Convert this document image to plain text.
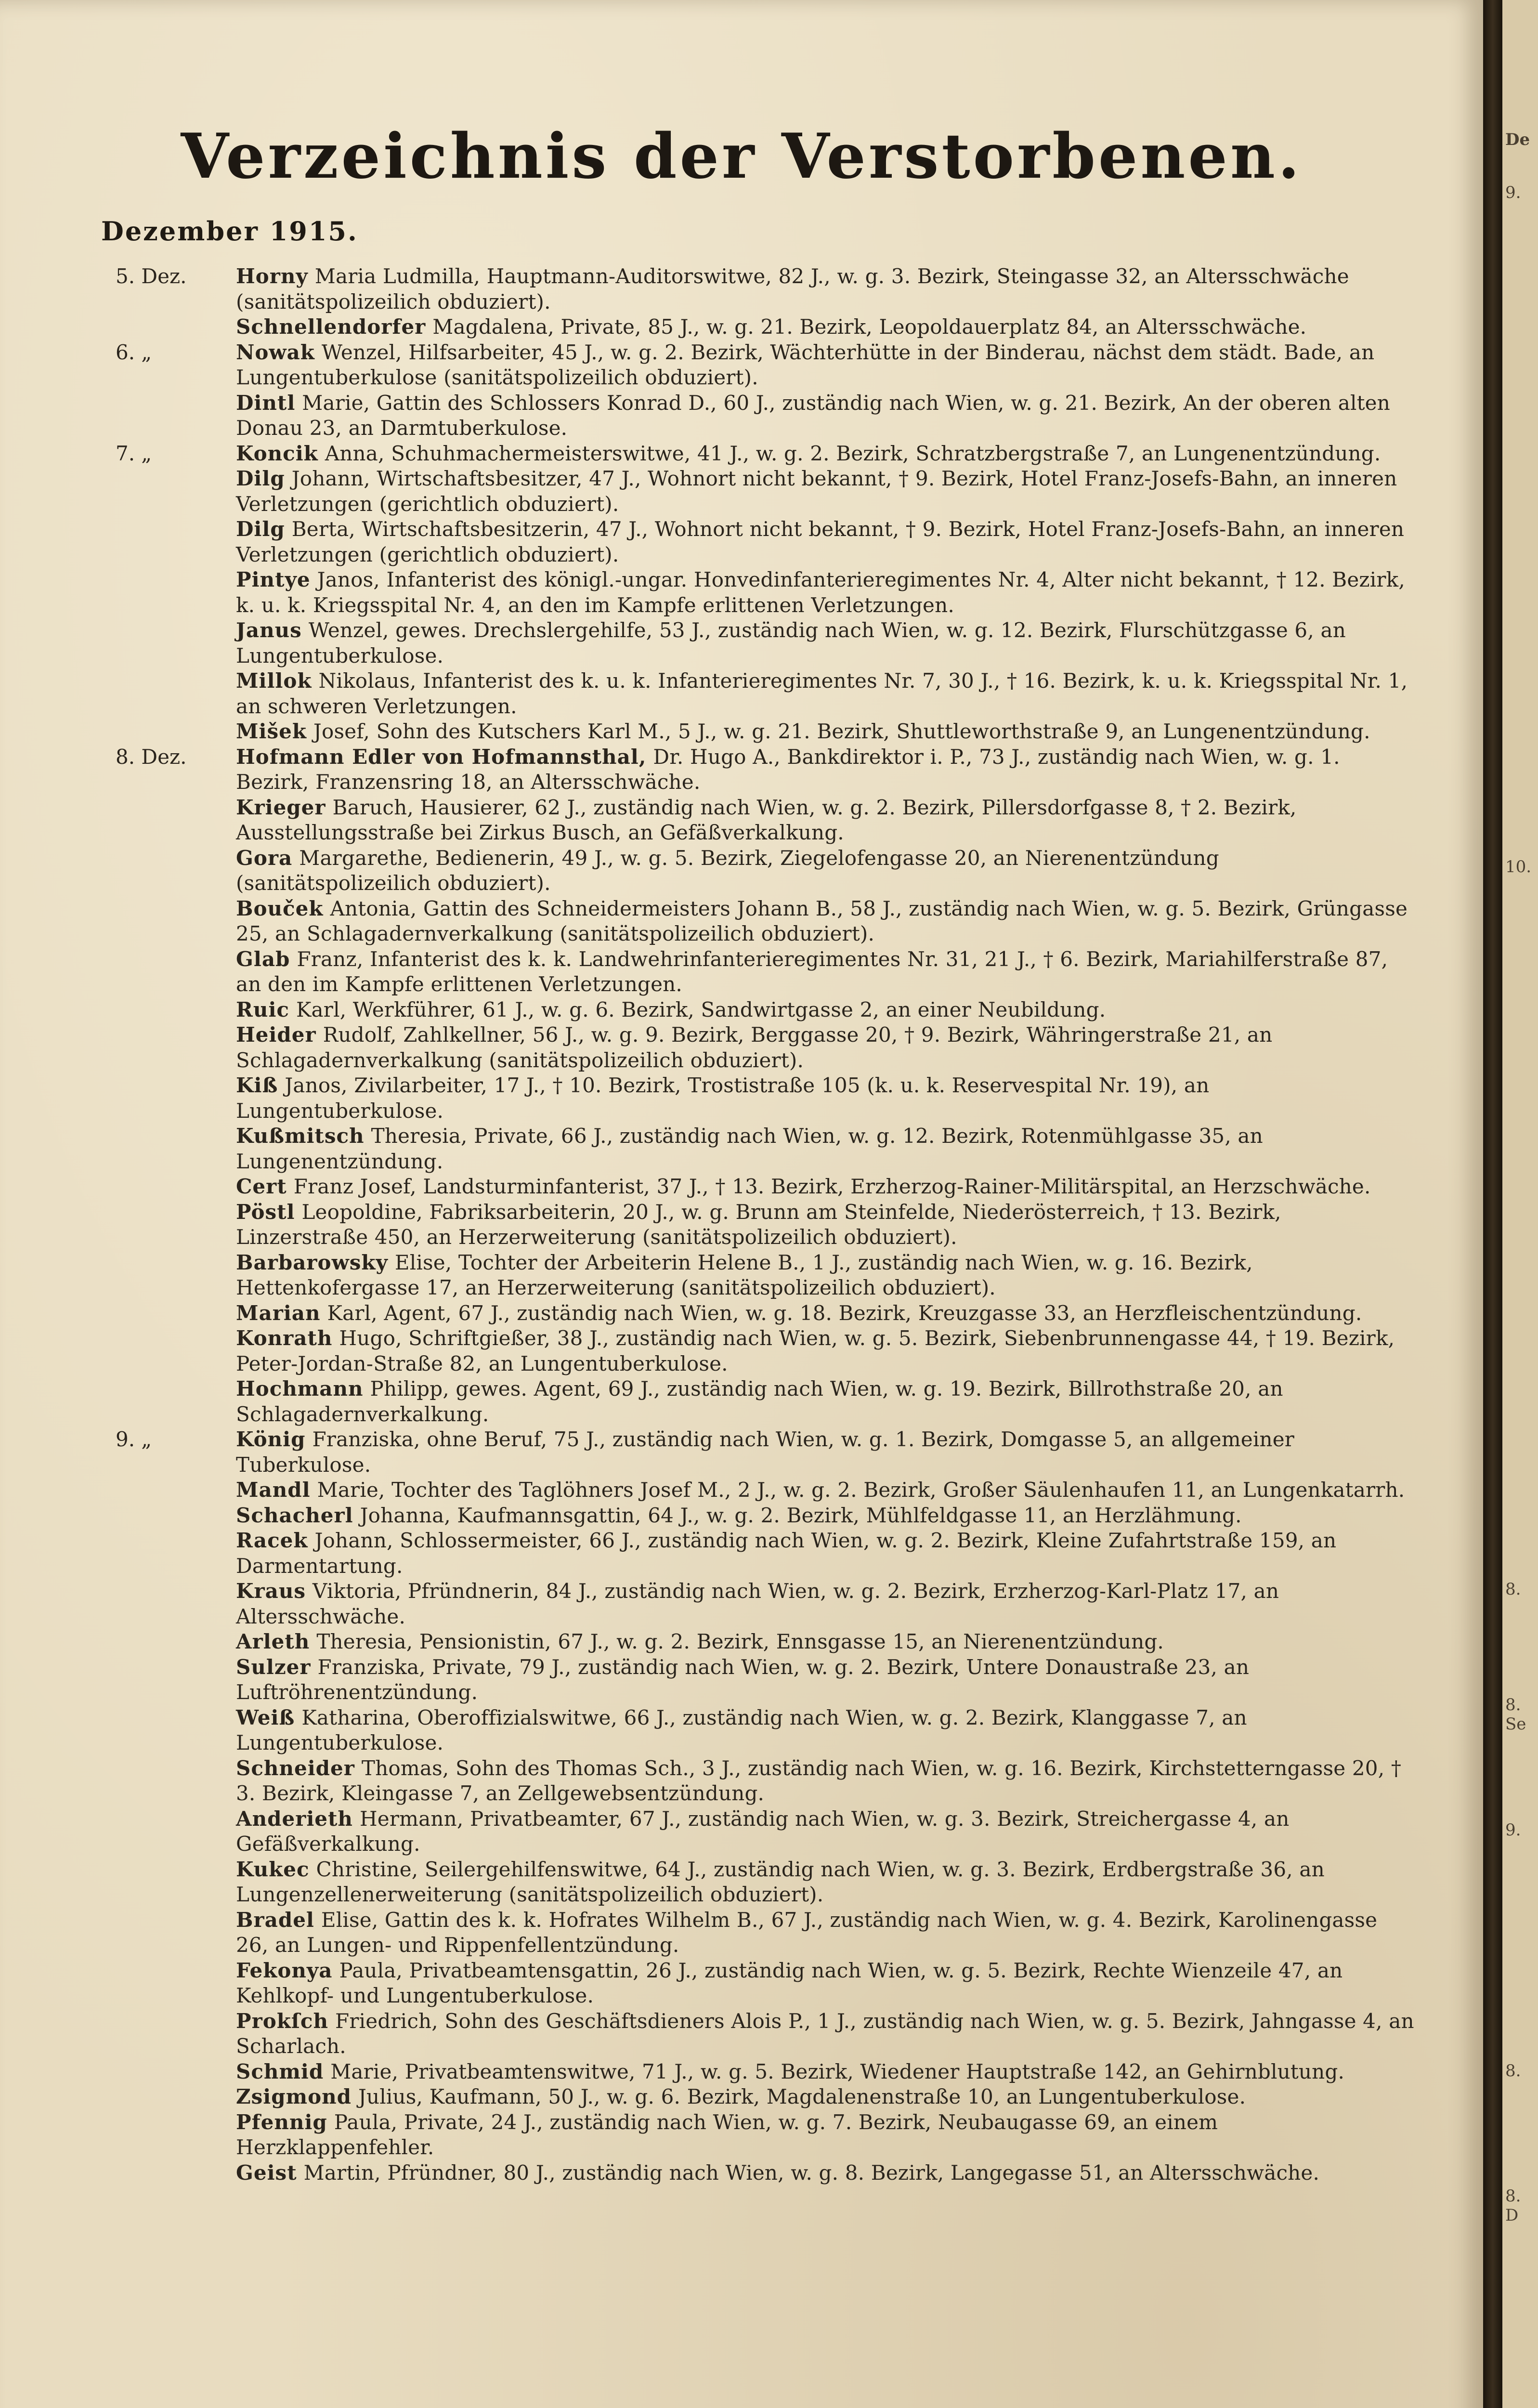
Verzeichnis der Verstorbenen.
Dezember 1915.
5. Dez.	Horny Maria Ludmilla, Hauptmann-Auditorswitwe, 82 J., w. g. 3. Bezirk, Steingasse 32, an Altersschwäche (sanitätspolizeilich obduziert).
Schnellendorfer Magdalena, Private, 85 J., w. g. 21. Bezirk, Leopoldauerplatz 84, an Altersschwäche.
6. „	Nowak Wenzel, Hilfsarbeiter, 45 J., w. g. 2. Bezirk, Wächterhütte in der Binderau, nächst dem städt. Bade, an Lungentuberkulose (sanitätspolizeilich obduziert).
Dintl Marie, Gattin des Schlossers Konrad D., 60 J., zuständig nach Wien, w. g. 21. Bezirk, An der oberen alten Donau 23, an Darmtuberkulose.
7. „	Koncik Anna, Schuhmachermeisterswitwe, 41 J., w. g. 2. Bezirk, Schratzbergstraße 7, an Lungenentzündung.
Dilg Johann, Wirtschaftsbesitzer, 47 J., Wohnort nicht bekannt, † 9. Bezirk, Hotel Franz-Josefs-Bahn, an inneren Verletzungen (gerichtlich obduziert).
Dilg Berta, Wirtschaftsbesitzerin, 47 J., Wohnort nicht bekannt, † 9. Bezirk, Hotel Franz-Josefs-Bahn, an inneren Verletzungen (gerichtlich obduziert).
Pintye Janos, Infanterist des königl.-ungar. Honvedinfanterieregimentes Nr. 4, Alter nicht bekannt, † 12. Bezirk, k. u. k. Kriegsspital Nr. 4, an den im Kampfe erlittenen Verletzungen.
Janus Wenzel, gewes. Drechslergehilfe, 53 J., zuständig nach Wien, w. g. 12. Bezirk, Flurschützgasse 6, an Lungentuberkulose.
Millok Nikolaus, Infanterist des k. u. k. Infanterieregimentes Nr. 7, 30 J., † 16. Bezirk, k. u. k. Kriegsspital Nr. 1, an schweren Verletzungen.
Mišek Josef, Sohn des Kutschers Karl M., 5 J., w. g. 21. Bezirk, Shuttleworthstraße 9, an Lungenentzündung.
8. Dez.	Hofmann Edler von Hofmannsthal, Dr. Hugo A., Bankdirektor i. P., 73 J., zuständig nach Wien, w. g. 1. Bezirk, Franzensring 18, an Altersschwäche.
Krieger Baruch, Hausierer, 62 J., zuständig nach Wien, w. g. 2. Bezirk, Pillersdorfgasse 8, † 2. Bezirk, Ausstellungsstraße bei Zirkus Busch, an Gefäßverkalkung.
Gora Margarethe, Bedienerin, 49 J., w. g. 5. Bezirk, Ziegelofengasse 20, an Nierenentzündung (sanitätspolizeilich obduziert).
Bouček Antonia, Gattin des Schneidermeisters Johann B., 58 J., zuständig nach Wien, w. g. 5. Bezirk, Grüngasse 25, an Schlagadernverkalkung (sanitätspolizeilich obduziert).
Glab Franz, Infanterist des k. k. Landwehrinfanterieregimentes Nr. 31, 21 J., † 6. Bezirk, Mariahilferstraße 87, an den im Kampfe erlittenen Verletzungen.
Ruic Karl, Werkführer, 61 J., w. g. 6. Bezirk, Sandwirtgasse 2, an einer Neubildung.
Heider Rudolf, Zahlkellner, 56 J., w. g. 9. Bezirk, Berggasse 20, † 9. Bezirk, Währingerstraße 21, an Schlagadernverkalkung (sanitätspolizeilich obduziert).
Kiß Janos, Zivilarbeiter, 17 J., † 10. Bezirk, Trostistraße 105 (k. u. k. Reservespital Nr. 19), an Lungentuberkulose.
Kußmitsch Theresia, Private, 66 J., zuständig nach Wien, w. g. 12. Bezirk, Rotenmühlgasse 35, an Lungenentzündung.
Cert Franz Josef, Landsturminfanterist, 37 J., † 13. Bezirk, Erzherzog-Rainer-Militärspital, an Herzschwäche.
Pöstl Leopoldine, Fabriksarbeiterin, 20 J., w. g. Brunn am Steinfelde, Niederösterreich, † 13. Bezirk, Linzerstraße 450, an Herzerweiterung (sanitätspolizeilich obduziert).
Barbarowsky Elise, Tochter der Arbeiterin Helene B., 1 J., zuständig nach Wien, w. g. 16. Bezirk, Hettenkofergasse 17, an Herzerweiterung (sanitätspolizeilich obduziert).
Marian Karl, Agent, 67 J., zuständig nach Wien, w. g. 18. Bezirk, Kreuzgasse 33, an Herzfleischentzündung.
Konrath Hugo, Schriftgießer, 38 J., zuständig nach Wien, w. g. 5. Bezirk, Siebenbrunnengasse 44, † 19. Bezirk, Peter-Jordan-Straße 82, an Lungentuberkulose.
Hochmann Philipp, gewes. Agent, 69 J., zuständig nach Wien, w. g. 19. Bezirk, Billrothstraße 20, an Schlagadernverkalkung.
9. „	König Franziska, ohne Beruf, 75 J., zuständig nach Wien, w. g. 1. Bezirk, Domgasse 5, an allgemeiner Tuberkulose.
Mandl Marie, Tochter des Taglöhners Josef M., 2 J., w. g. 2. Bezirk, Großer Säulenhaufen 11, an Lungenkatarrh.
Schacherl Johanna, Kaufmannsgattin, 64 J., w. g. 2. Bezirk, Mühlfeldgasse 11, an Herzlähmung.
Racek Johann, Schlossermeister, 66 J., zuständig nach Wien, w. g. 2. Bezirk, Kleine Zufahrtstraße 159, an Darmentartung.
Kraus Viktoria, Pfründnerin, 84 J., zuständig nach Wien, w. g. 2. Bezirk, Erzherzog-Karl-Platz 17, an Altersschwäche.
Arleth Theresia, Pensionistin, 67 J., w. g. 2. Bezirk, Ennsgasse 15, an Nierenentzündung.
Sulzer Franziska, Private, 79 J., zuständig nach Wien, w. g. 2. Bezirk, Untere Donaustraße 23, an Luftröhrenentzündung.
Weiß Katharina, Oberoffizialswitwe, 66 J., zuständig nach Wien, w. g. 2. Bezirk, Klanggasse 7, an Lungentuberkulose.
Schneider Thomas, Sohn des Thomas Sch., 3 J., zuständig nach Wien, w. g. 16. Bezirk, Kirchstetterngasse 20, † 3. Bezirk, Kleingasse 7, an Zellgewebsentzündung.
Anderieth Hermann, Privatbeamter, 67 J., zuständig nach Wien, w. g. 3. Bezirk, Streichergasse 4, an Gefäßverkalkung.
Kukec Christine, Seilergehilfenswitwe, 64 J., zuständig nach Wien, w. g. 3. Bezirk, Erdbergstraße 36, an Lungenzellenerweiterung (sanitätspolizeilich obduziert).
Bradel Elise, Gattin des k. k. Hofrates Wilhelm B., 67 J., zuständig nach Wien, w. g. 4. Bezirk, Karolinengasse 26, an Lungen- und Rippenfellentzündung.
Fekonya Paula, Privatbeamtensgattin, 26 J., zuständig nach Wien, w. g. 5. Bezirk, Rechte Wienzeile 47, an Kehlkopf- und Lungentuberkulose.
Prokſch Friedrich, Sohn des Geschäftsdieners Alois P., 1 J., zuständig nach Wien, w. g. 5. Bezirk, Jahngasse 4, an Scharlach.
Schmid Marie, Privatbeamtenswitwe, 71 J., w. g. 5. Bezirk, Wiedener Hauptstraße 142, an Gehirnblutung.
Zsigmond Julius, Kaufmann, 50 J., w. g. 6. Bezirk, Magdalenenstraße 10, an Lungentuberkulose.
Pfennig Paula, Private, 24 J., zuständig nach Wien, w. g. 7. Bezirk, Neubaugasse 69, an einem Herzklappenfehler.
Geist Martin, Pfründner, 80 J., zuständig nach Wien, w. g. 8. Bezirk, Langegasse 51, an Altersschwäche.
De
9.
10.
8.
8. Se
9.
8.
8. D
